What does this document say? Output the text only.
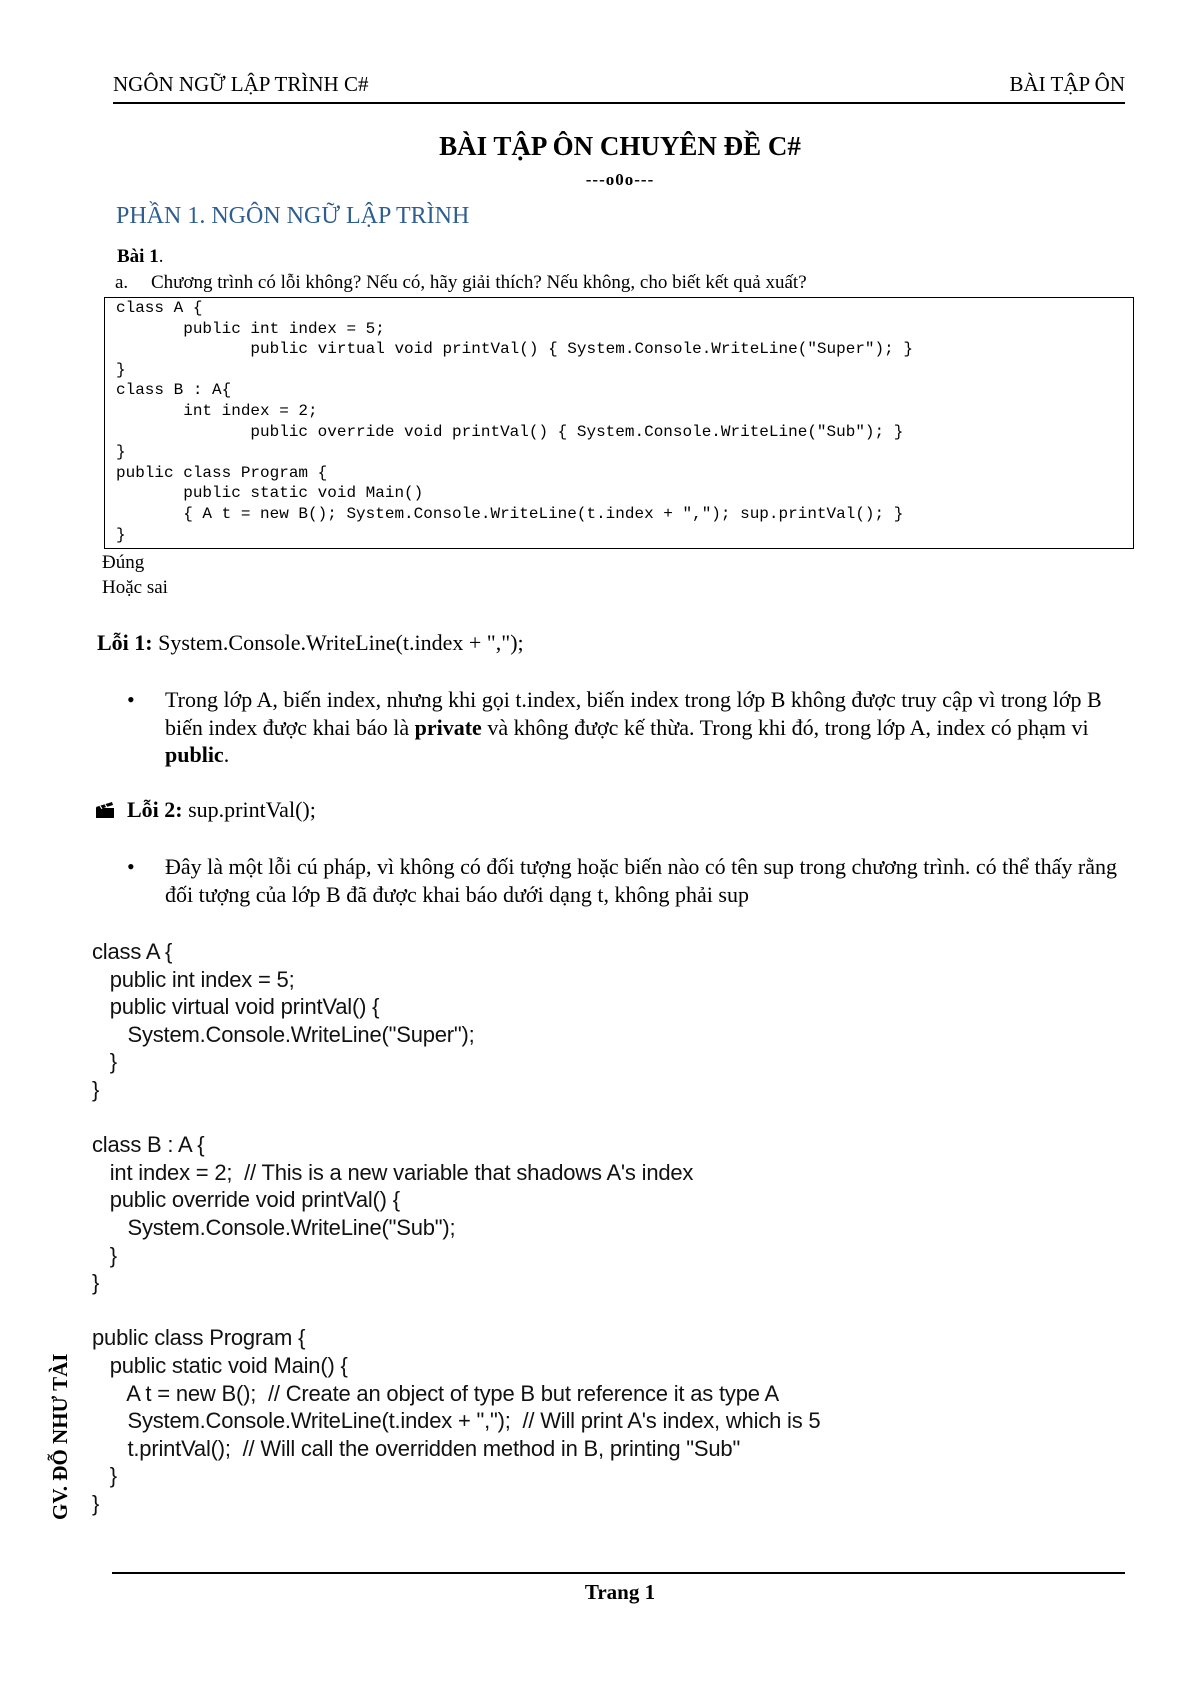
NGÔN NGỮ LẬP TRÌNH C#	BÀI TẬP ÔN
BÀI TẬP ÔN CHUYÊN ĐỀ C#
---o0o---
PHẦN 1. NGÔN NGỮ LẬP TRÌNH
Bài 1.
a. Chương trình có lỗi không? Nếu có, hãy giải thích? Nếu không, cho biết kết quả xuất?
class A {
public int index = 5;
public virtual void printVal() { System.Console.WriteLine("Super"); }
}
class B : A{
int index = 2;
public override void printVal() { System.Console.WriteLine("Sub"); }
}
public class Program {
public static void Main()
{ A t = new B(); System.Console.WriteLine(t.index + ","); sup.printVal(); }
}
Đúng
Hoặc sai
Lỗi 1: System.Console.WriteLine(t.index + ",");
• Trong lớp A, biến index, nhưng khi gọi t.index, biến index trong lớp B không được truy cập vì trong lớp B biến index được khai báo là private và không được kế thừa. Trong khi đó, trong lớp A, index có phạm vi public.
Lỗi 2: sup.printVal();
• Đây là một lỗi cú pháp, vì không có đối tượng hoặc biến nào có tên sup trong chương trình. có thể thấy rằng đối tượng của lớp B đã được khai báo dưới dạng t, không phải sup
class A {
public int index = 5;
public virtual void printVal() {
System.Console.WriteLine("Super");
}
}
class B : A {
int index = 2;  // This is a new variable that shadows A's index
public override void printVal() {
System.Console.WriteLine("Sub");
}
}
public class Program {
public static void Main() {
A t = new B();  // Create an object of type B but reference it as type A
System.Console.WriteLine(t.index + ",");  // Will print A's index, which is 5
t.printVal();  // Will call the overridden method in B, printing "Sub"
}
}
GV. ĐỖ NHƯ TÀI
Trang 1
